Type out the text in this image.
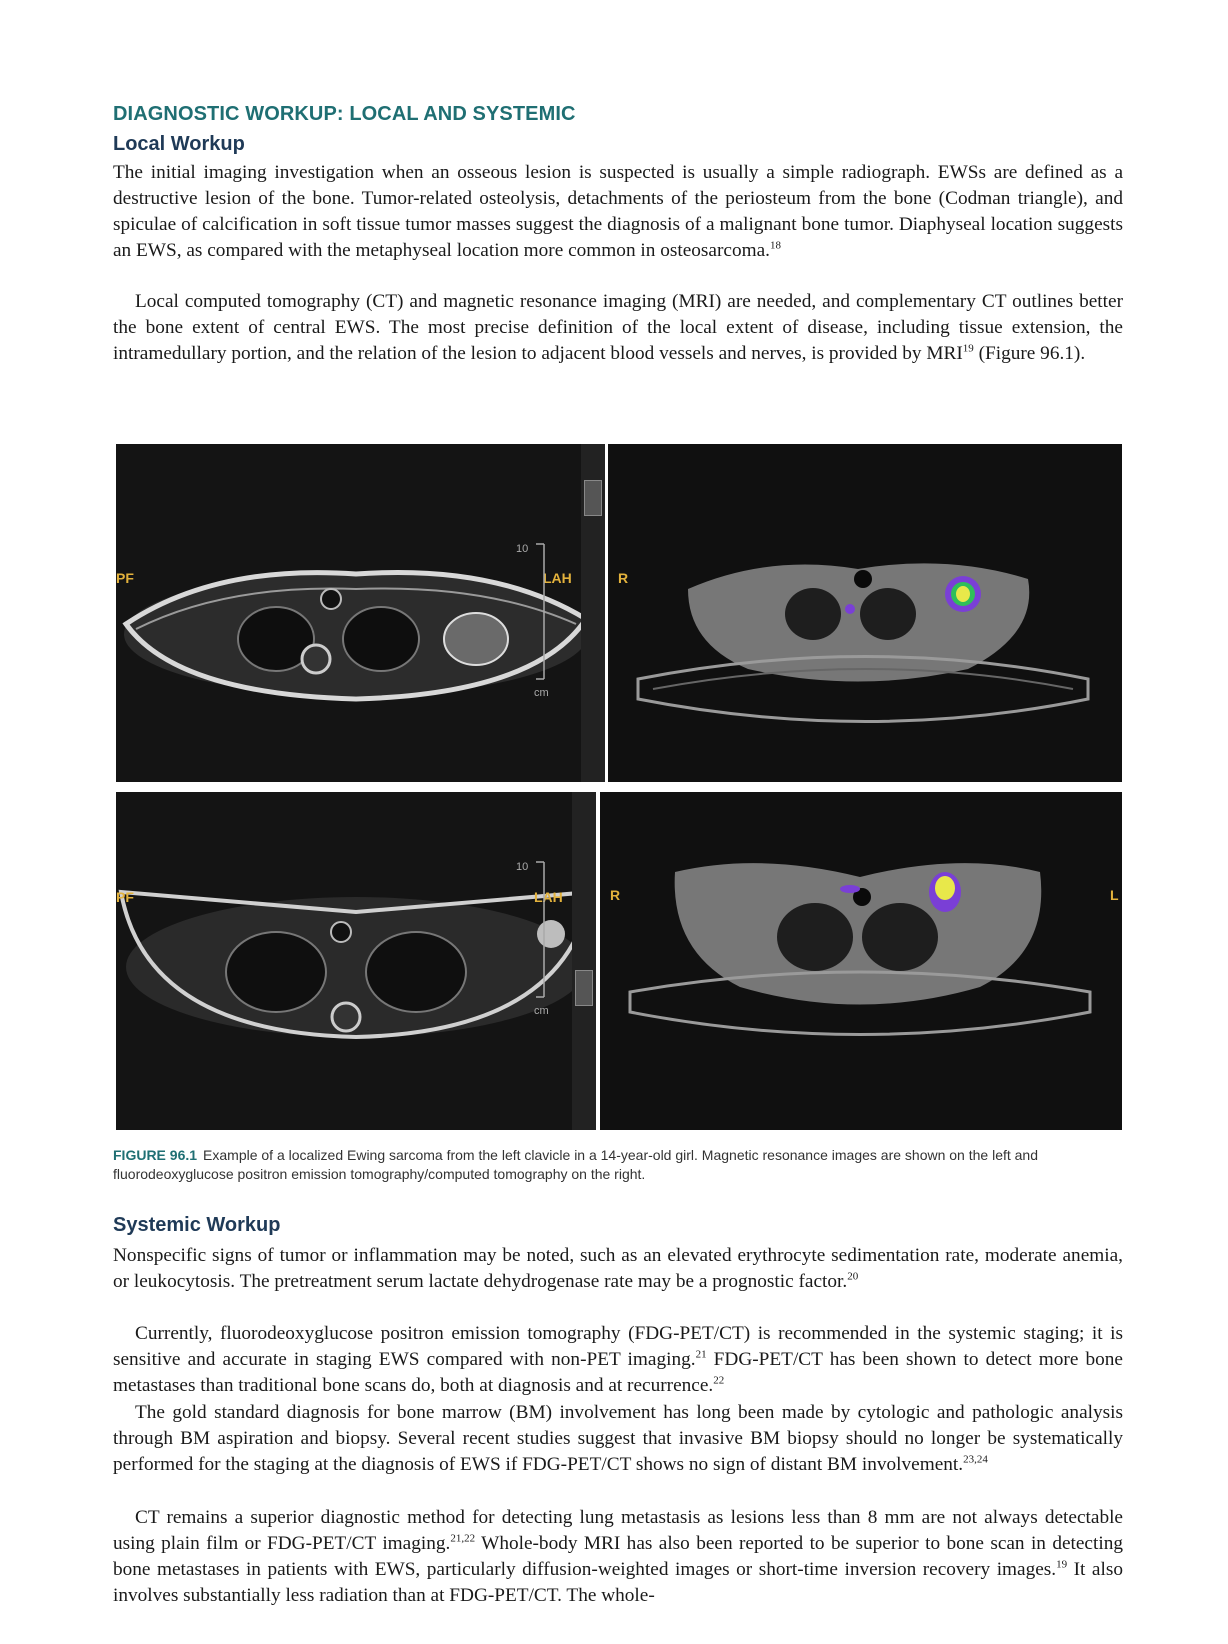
DIAGNOSTIC WORKUP: LOCAL AND SYSTEMIC
Local Workup

The initial imaging investigation when an osseous lesion is suspected is usually a simple radiograph. EWSs are defined as a destructive lesion of the bone. Tumor-related osteolysis, detachments of the periosteum from the bone (Codman triangle), and spiculae of calcification in soft tissue tumor masses suggest the diagnosis of a malignant bone tumor. Diaphyseal location suggests an EWS, as compared with the metaphyseal location more common in osteosarcoma.$^{18}$

Local computed tomography (CT) and magnetic resonance imaging (MRI) are needed, and complementary CT outlines better the bone extent of central EWS. The most precise definition of the local extent of disease, including tissue extension, the intramedullary portion, and the relation of the lesion to adjacent blood vessels and nerves, is provided by MRI$^{19}$ (Figure 96.1).

PF	LAH
10
cm
R
PF	LAH
10
cm
R	L

FIGURE 96.1 Example of a localized Ewing sarcoma from the left clavicle in a 14-year-old girl. Magnetic resonance images are shown on the left and fluorodeoxyglucose positron emission tomography/computed tomography on the right.

Systemic Workup

Nonspecific signs of tumor or inflammation may be noted, such as an elevated erythrocyte sedimentation rate, moderate anemia, or leukocytosis. The pretreatment serum lactate dehydrogenase rate may be a prognostic factor.$^{20}$

Currently, fluorodeoxyglucose positron emission tomography (FDG-PET/CT) is recommended in the systemic staging; it is sensitive and accurate in staging EWS compared with non-PET imaging.$^{21}$ FDG-PET/CT has been shown to detect more bone metastases than traditional bone scans do, both at diagnosis and at recurrence.$^{22}$

The gold standard diagnosis for bone marrow (BM) involvement has long been made by cytologic and pathologic analysis through BM aspiration and biopsy. Several recent studies suggest that invasive BM biopsy should no longer be systematically performed for the staging at the diagnosis of EWS if FDG-PET/CT shows no sign of distant BM involvement.$^{23,24}$

CT remains a superior diagnostic method for detecting lung metastasis as lesions less than 8 mm are not always detectable using plain film or FDG-PET/CT imaging.$^{21,22}$ Whole-body MRI has also been reported to be superior to bone scan in detecting bone metastases in patients with EWS, particularly diffusion-weighted images or short-time inversion recovery images.$^{19}$ It also involves substantially less radiation than at FDG-PET/CT. The whole-
